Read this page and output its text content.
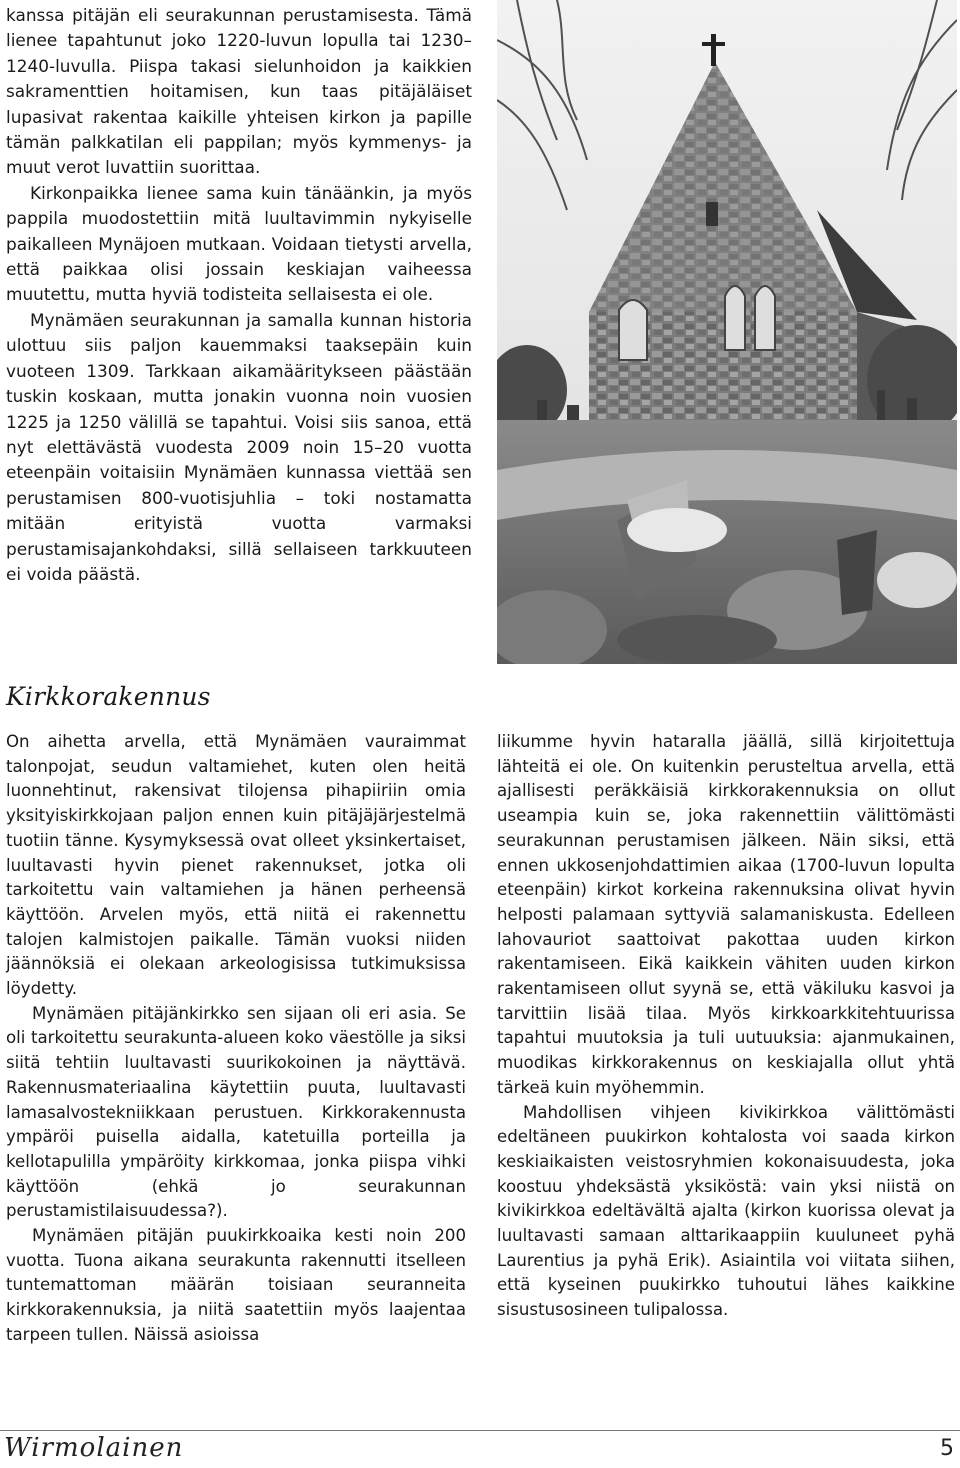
kanssa pitäjän eli seurakunnan perustamisesta. Tämä lienee tapahtunut joko 1220-luvun lopulla tai 1230–1240-luvulla. Piispa takasi sielunhoidon ja kaikkien sakramenttien hoitamisen, kun taas pitäjäläiset lupasivat rakentaa kaikille yhteisen kirkon ja papille tämän palkkatilan eli pappilan; myös kymmenys- ja muut verot luvattiin suorittaa.

Kirkonpaikka lienee sama kuin tänäänkin, ja myös pappila muodostettiin mitä luultavimmin nykyiselle paikalleen Mynäjoen mutkaan. Voidaan tietysti arvella, että paikkaa olisi jossain keskiajan vaiheessa muutettu, mutta hyviä todisteita sellaisesta ei ole.

Mynämäen seurakunnan ja samalla kunnan historia ulottuu siis paljon kauemmaksi taaksepäin kuin vuoteen 1309. Tarkkaan aikamääritykseen päästään tuskin koskaan, mutta jonakin vuonna noin vuosien 1225 ja 1250 välillä se tapahtui. Voisi siis sanoa, että nyt elettävästä vuodesta 2009 noin 15–20 vuotta eteenpäin voitaisiin Mynämäen kunnassa viettää sen perustamisen 800-vuotisjuhlia – toki nostamatta mitään erityistä vuotta varmaksi perustamisajankohdaksi, sillä sellaiseen tarkkuuteen ei voida päästä.

Kirkkorakennus

On aihetta arvella, että Mynämäen vauraimmat talonpojat, seudun valtamiehet, kuten olen heitä luonnehtinut, rakensivat tilojensa pihapiiriin omia yksityiskirkkojaan paljon ennen kuin pitäjäjärjestelmä tuotiin tänne. Kysymyksessä ovat olleet yksinkertaiset, luultavasti hyvin pienet rakennukset, jotka oli tarkoitettu vain valtamiehen ja hänen perheensä käyttöön. Arvelen myös, että niitä ei rakennettu talojen kalmistojen paikalle. Tämän vuoksi niiden jäännöksiä ei olekaan arkeologisissa tutkimuksissa löydetty.

Mynämäen pitäjänkirkko sen sijaan oli eri asia. Se oli tarkoitettu seurakunta-alueen koko väestölle ja siksi siitä tehtiin luultavasti suurikokoinen ja näyttävä. Rakennusmateriaalina käytettiin puuta, luultavasti lamasalvostekniikkaan perustuen. Kirkkorakennusta ympäröi puisella aidalla, katetuilla porteilla ja kellotapulilla ympäröity kirkkomaa, jonka piispa vihki käyttöön (ehkä jo seurakunnan perustamistilaisuudessa?).

Mynämäen pitäjän puukirkkoaika kesti noin 200 vuotta. Tuona aikana seurakunta rakennutti itselleen tuntemattoman määrän toisiaan seuranneita kirkkorakennuksia, ja niitä saatettiin myös laajentaa tarpeen tullen. Näissä asioissa

liikumme hyvin hataralla jäällä, sillä kirjoitettuja lähteitä ei ole. On kuitenkin perusteltua arvella, että ajallisesti peräkkäisiä kirkkorakennuksia on ollut useampia kuin se, joka rakennettiin välittömästi seurakunnan perustamisen jälkeen. Näin siksi, että ennen ukkosenjohdattimien aikaa (1700-luvun lopulta eteenpäin) kirkot korkeina rakennuksina olivat hyvin helposti palamaan syttyviä salamaniskusta. Edelleen lahovauriot saattoivat pakottaa uuden kirkon rakentamiseen. Eikä kaikkein vähiten uuden kirkon rakentamiseen ollut syynä se, että väkiluku kasvoi ja tarvittiin lisää tilaa. Myös kirkkoarkkitehtuurissa tapahtui muutoksia ja tuli uutuuksia: ajanmukainen, muodikas kirkkorakennus on keskiajalla ollut yhtä tärkeä kuin myöhemmin.

Mahdollisen vihjeen kivikirkkoa välittömästi edeltäneen puukirkon kohtalosta voi saada kirkon keskiaikaisten veistosryhmien kokonaisuudesta, joka koostuu yhdeksästä yksiköstä: vain yksi niistä on kivikirkkoa edeltävältä ajalta (kirkon kuorissa olevat ja luultavasti samaan alttarikaappiin kuuluneet pyhä Laurentius ja pyhä Erik). Asiaintila voi viitata siihen, että kyseinen puukirkko tuhoutui lähes kaikkine sisustusosineen tulipalossa.

Wirmolainen	5
